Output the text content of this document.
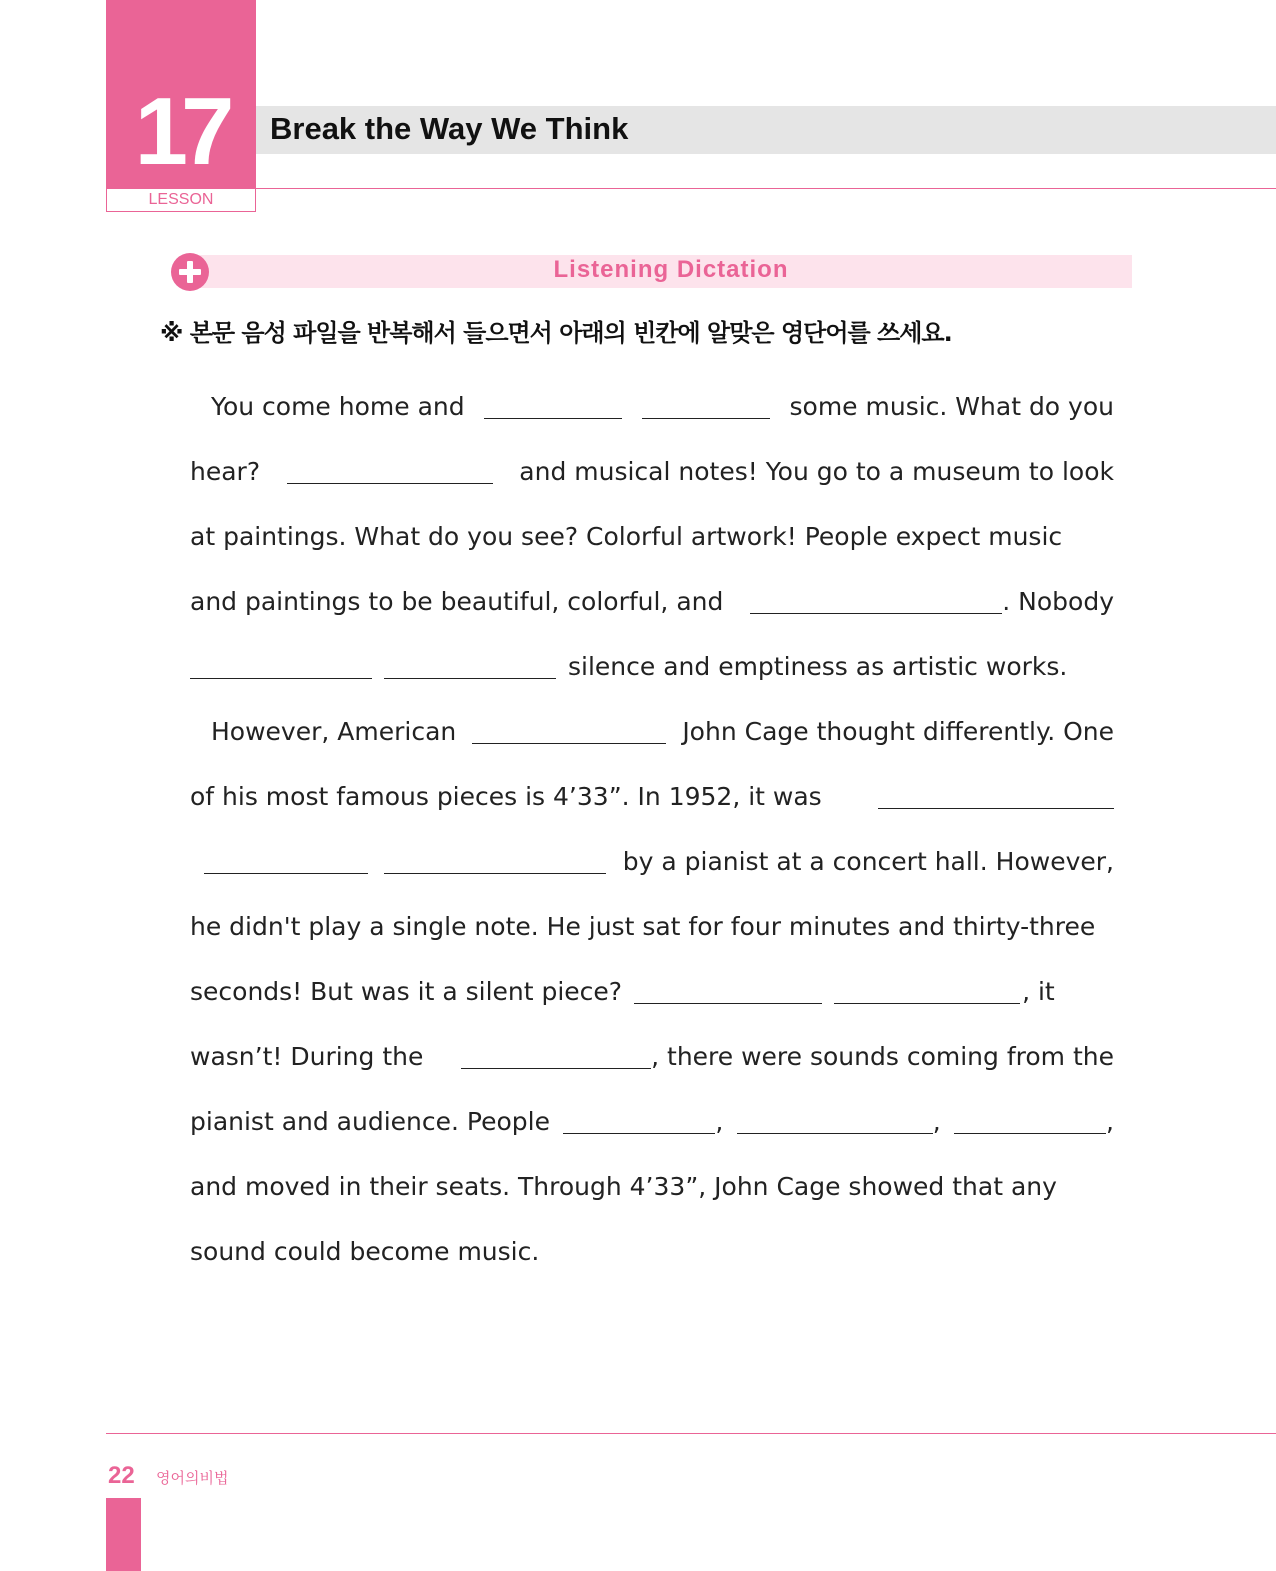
17
LESSON
Break the Way We Think
Listening Dictation
※ 본문 음성 파일을 반복해서 들으면서 아래의 빈칸에 알맞은 영단어를 쓰세요.
You come home and	some music. What do you
hear?	and musical notes! You go to a museum to look
at paintings. What do you see? Colorful artwork! People expect music
and paintings to be beautiful, colorful, and	. Nobody
silence and emptiness as artistic works.
However, American	John Cage thought differently. One
of his most famous pieces is 4’33”. In 1952, it was
by a pianist at a concert hall. However,
he didn't play a single note. He just sat for four minutes and thirty-three
seconds! But was it a silent piece?	, it
wasn’t! During the	, there were sounds coming from the
pianist and audience. People	,	,	,
and moved in their seats. Through 4’33”, John Cage showed that any
sound could become music.
22 영어의비법
